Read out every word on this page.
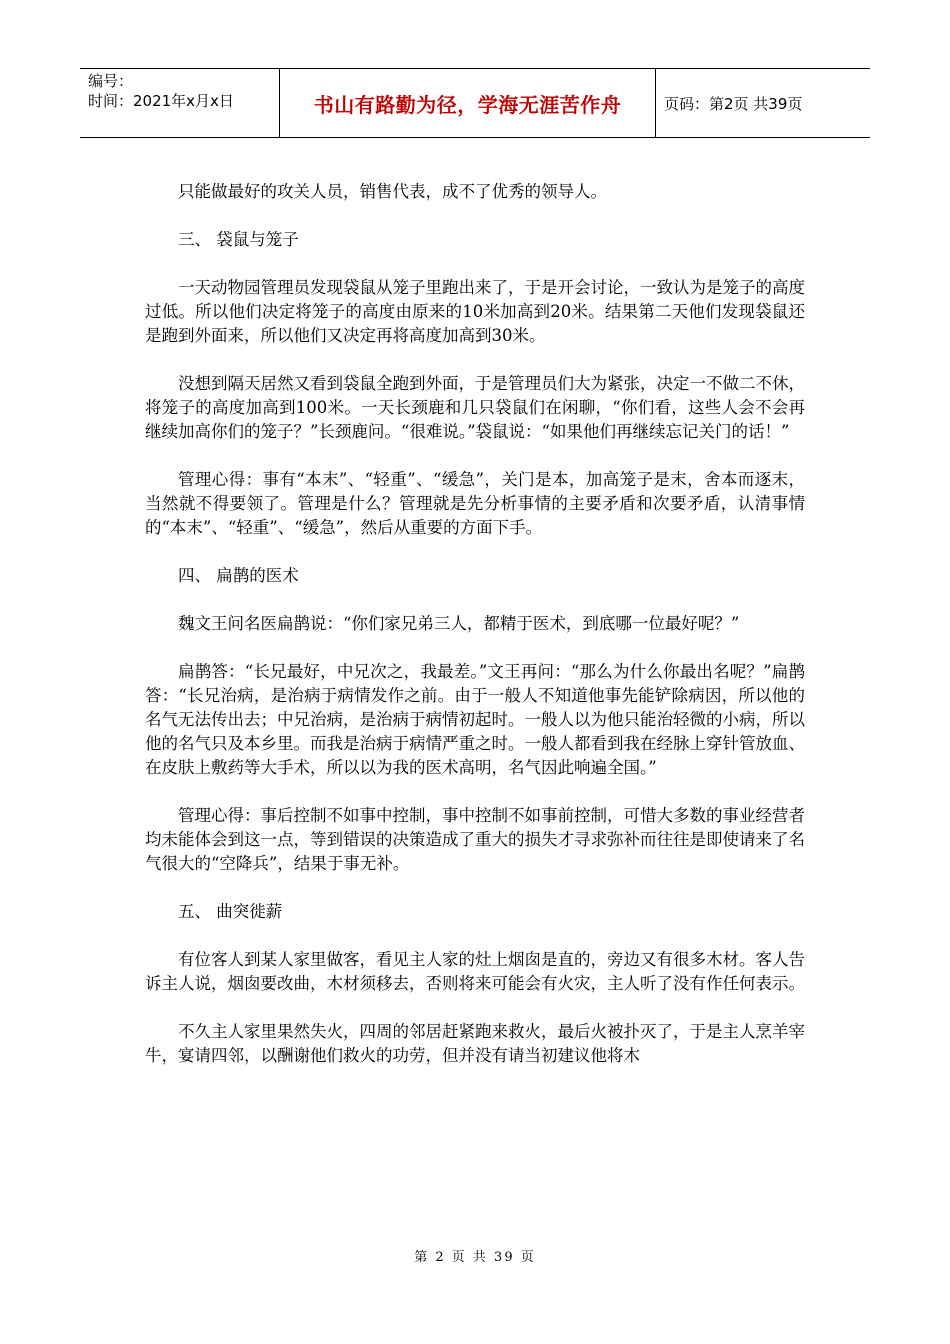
编号：
时间：2021年x月x日	书山有路勤为径，学海无涯苦作舟	页码：第2页 共39页

只能做最好的攻关人员，销售代表，成不了优秀的领导人。

三、 袋鼠与笼子

一天动物园管理员发现袋鼠从笼子里跑出来了，于是开会讨论，一致认为是笼子的高度过低。所以他们决定将笼子的高度由原来的10米加高到20米。结果第二天他们发现袋鼠还是跑到外面来，所以他们又决定再将高度加高到30米。

没想到隔天居然又看到袋鼠全跑到外面，于是管理员们大为紧张，决定一不做二不休，将笼子的高度加高到100米。一天长颈鹿和几只袋鼠们在闲聊，“你们看，这些人会不会再继续加高你们的笼子？”长颈鹿问。“很难说。”袋鼠说：“如果他们再继续忘记关门的话！”

管理心得：事有“本末”、“轻重”、“缓急”，关门是本，加高笼子是末，舍本而逐末，当然就不得要领了。管理是什么？管理就是先分析事情的主要矛盾和次要矛盾，认清事情的“本末”、“轻重”、“缓急”，然后从重要的方面下手。

四、 扁鹊的医术

魏文王问名医扁鹊说：“你们家兄弟三人，都精于医术，到底哪一位最好呢？”

扁鹊答：“长兄最好，中兄次之，我最差。”文王再问：“那么为什么你最出名呢？”扁鹊答：“长兄治病，是治病于病情发作之前。由于一般人不知道他事先能铲除病因，所以他的名气无法传出去；中兄治病，是治病于病情初起时。一般人以为他只能治轻微的小病，所以他的名气只及本乡里。而我是治病于病情严重之时。一般人都看到我在经脉上穿针管放血、在皮肤上敷药等大手术，所以以为我的医术高明，名气因此响遍全国。”

管理心得：事后控制不如事中控制，事中控制不如事前控制，可惜大多数的事业经营者均未能体会到这一点，等到错误的决策造成了重大的损失才寻求弥补而往往是即使请来了名气很大的“空降兵”，结果于事无补。

五、 曲突徙薪

有位客人到某人家里做客，看见主人家的灶上烟囱是直的，旁边又有很多木材。客人告诉主人说，烟囱要改曲，木材须移去，否则将来可能会有火灾，主人听了没有作任何表示。

不久主人家里果然失火，四周的邻居赶紧跑来救火，最后火被扑灭了，于是主人烹羊宰牛，宴请四邻，以酬谢他们救火的功劳，但并没有请当初建议他将木

第 2 页 共 39 页
